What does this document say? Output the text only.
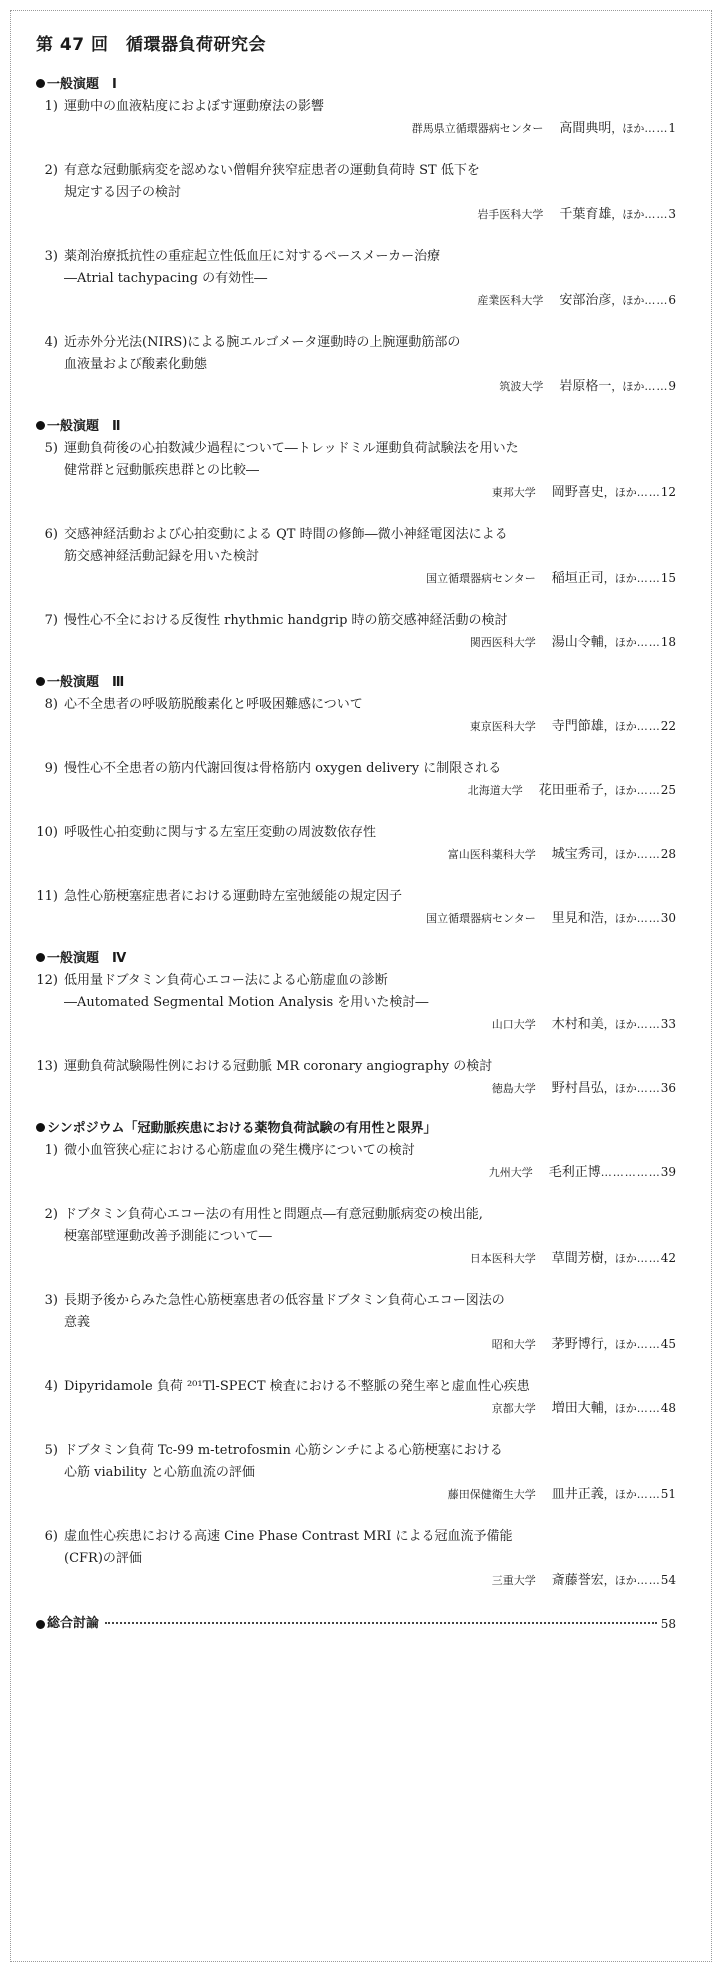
第 47 回　循環器負荷研究会
一般演題　Ⅰ
1) 運動中の血液粘度におよぼす運動療法の影響
群馬県立循環器病センター 高間典明，ほか……1
2) 有意な冠動脈病変を認めない僧帽弁狭窄症患者の運動負荷時 ST 低下を
規定する因子の検討
岩手医科大学 千葉育雄，ほか……3
3) 薬剤治療抵抗性の重症起立性低血圧に対するペースメーカー治療
―Atrial tachypacing の有効性―
産業医科大学 安部治彦，ほか……6
4) 近赤外分光法(NIRS)による腕エルゴメータ運動時の上腕運動筋部の
血液量および酸素化動態
筑波大学 岩原格一，ほか……9
一般演題　Ⅱ
5) 運動負荷後の心拍数減少過程について―トレッドミル運動負荷試験法を用いた
健常群と冠動脈疾患群との比較―
東邦大学 岡野喜史，ほか……12
6) 交感神経活動および心拍変動による QT 時間の修飾―微小神経電図法による
筋交感神経活動記録を用いた検討
国立循環器病センター 稲垣正司，ほか……15
7) 慢性心不全における反復性 rhythmic handgrip 時の筋交感神経活動の検討
関西医科大学 湯山令輔，ほか……18
一般演題　Ⅲ
8) 心不全患者の呼吸筋脱酸素化と呼吸困難感について
東京医科大学 寺門節雄，ほか……22
9) 慢性心不全患者の筋内代謝回復は骨格筋内 oxygen delivery に制限される
北海道大学 花田亜希子，ほか……25
10) 呼吸性心拍変動に関与する左室圧変動の周波数依存性
富山医科薬科大学 城宝秀司，ほか……28
11) 急性心筋梗塞症患者における運動時左室弛緩能の規定因子
国立循環器病センター 里見和浩，ほか……30
一般演題　Ⅳ
12) 低用量ドブタミン負荷心エコー法による心筋虚血の診断
―Automated Segmental Motion Analysis を用いた検討―
山口大学 木村和美，ほか……33
13) 運動負荷試験陽性例における冠動脈 MR coronary angiography の検討
徳島大学 野村昌弘，ほか……36
シンポジウム「冠動脈疾患における薬物負荷試験の有用性と限界」
1) 微小血管狭心症における心筋虚血の発生機序についての検討
九州大学 毛利正博……………39
2) ドブタミン負荷心エコー法の有用性と問題点―有意冠動脈病変の検出能,
梗塞部壁運動改善予測能について―
日本医科大学 草間芳樹，ほか……42
3) 長期予後からみた急性心筋梗塞患者の低容量ドブタミン負荷心エコー図法の
意義
昭和大学 茅野博行，ほか……45
4) Dipyridamole 負荷 ²⁰¹Tl-SPECT 検査における不整脈の発生率と虚血性心疾患
京都大学 増田大輔，ほか……48
5) ドブタミン負荷 Tc-99 m-tetrofosmin 心筋シンチによる心筋梗塞における
心筋 viability と心筋血流の評価
藤田保健衛生大学 皿井正義，ほか……51
6) 虚血性心疾患における高速 Cine Phase Contrast MRI による冠血流予備能
(CFR)の評価
三重大学 斎藤誉宏，ほか……54
総合討論	58
